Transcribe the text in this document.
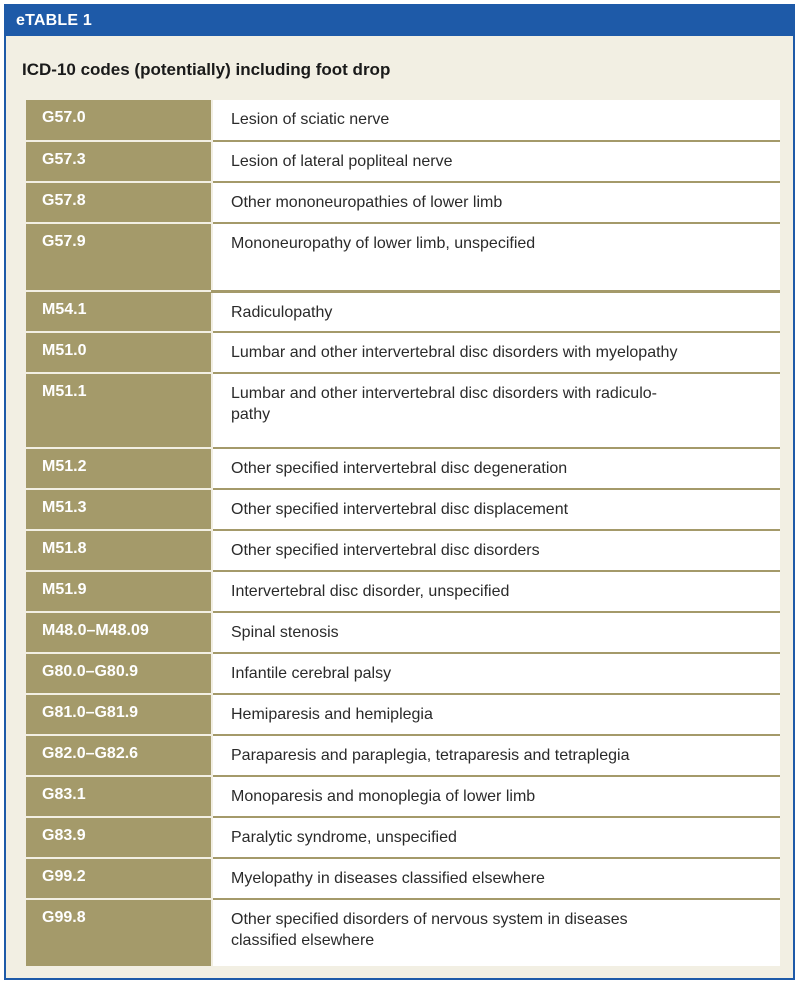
eTABLE 1
ICD-10 codes (potentially) including foot drop
G57.0	Lesion of sciatic nerve
G57.3	Lesion of lateral popliteal nerve
G57.8	Other mononeuropathies of lower limb
G57.9	Mononeuropathy of lower limb, unspecified
M54.1	Radiculopathy
M51.0	Lumbar and other intervertebral disc disorders with myelopathy
M51.1	Lumbar and other intervertebral disc disorders with radiculo-
pathy
M51.2	Other specified intervertebral disc degeneration
M51.3	Other specified intervertebral disc displacement
M51.8	Other specified intervertebral disc disorders
M51.9	Intervertebral disc disorder, unspecified
M48.0–M48.09	Spinal stenosis
G80.0–G80.9	Infantile cerebral palsy
G81.0–G81.9	Hemiparesis and hemiplegia
G82.0–G82.6	Paraparesis and paraplegia, tetraparesis and tetraplegia
G83.1	Monoparesis and monoplegia of lower limb
G83.9	Paralytic syndrome, unspecified
G99.2	Myelopathy in diseases classified elsewhere
G99.8	Other specified disorders of nervous system in diseases
classified elsewhere
